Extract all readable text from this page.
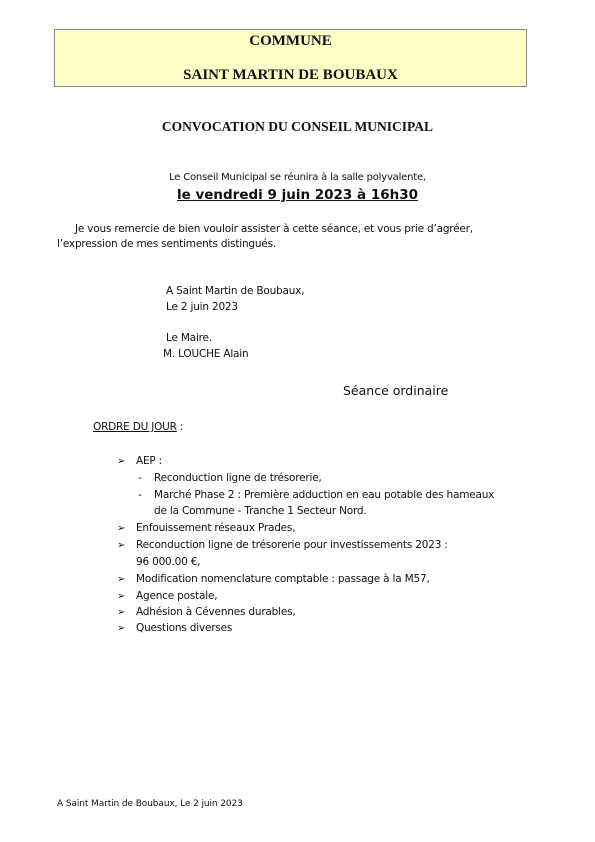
COMMUNE
SAINT MARTIN DE BOUBAUX
CONVOCATION DU CONSEIL MUNICIPAL
Le Conseil Municipal se réunira à la salle polyvalente,
le vendredi 9 juin 2023 à 16h30
Je vous remercie de bien vouloir assister à cette séance, et vous prie d’agréer,
l’expression de mes sentiments distingués.
A Saint Martin de Boubaux,
Le 2 juin 2023
Le Maire.
M. LOUCHE Alain
Séance ordinaire
ORDRE DU JOUR :
➢ AEP :
- Reconduction ligne de trésorerie,
- Marché Phase 2 : Première adduction en eau potable des hameaux
de la Commune - Tranche 1 Secteur Nord.
➢ Enfouissement réseaux Prades,
➢ Reconduction ligne de trésorerie pour investissements 2023 :
96 000.00 €,
➢ Modification nomenclature comptable : passage à la M57,
➢ Agence postale,
➢ Adhésion à Cévennes durables,
➢ Questions diverses
A Saint Martin de Boubaux, Le 2 juin 2023
